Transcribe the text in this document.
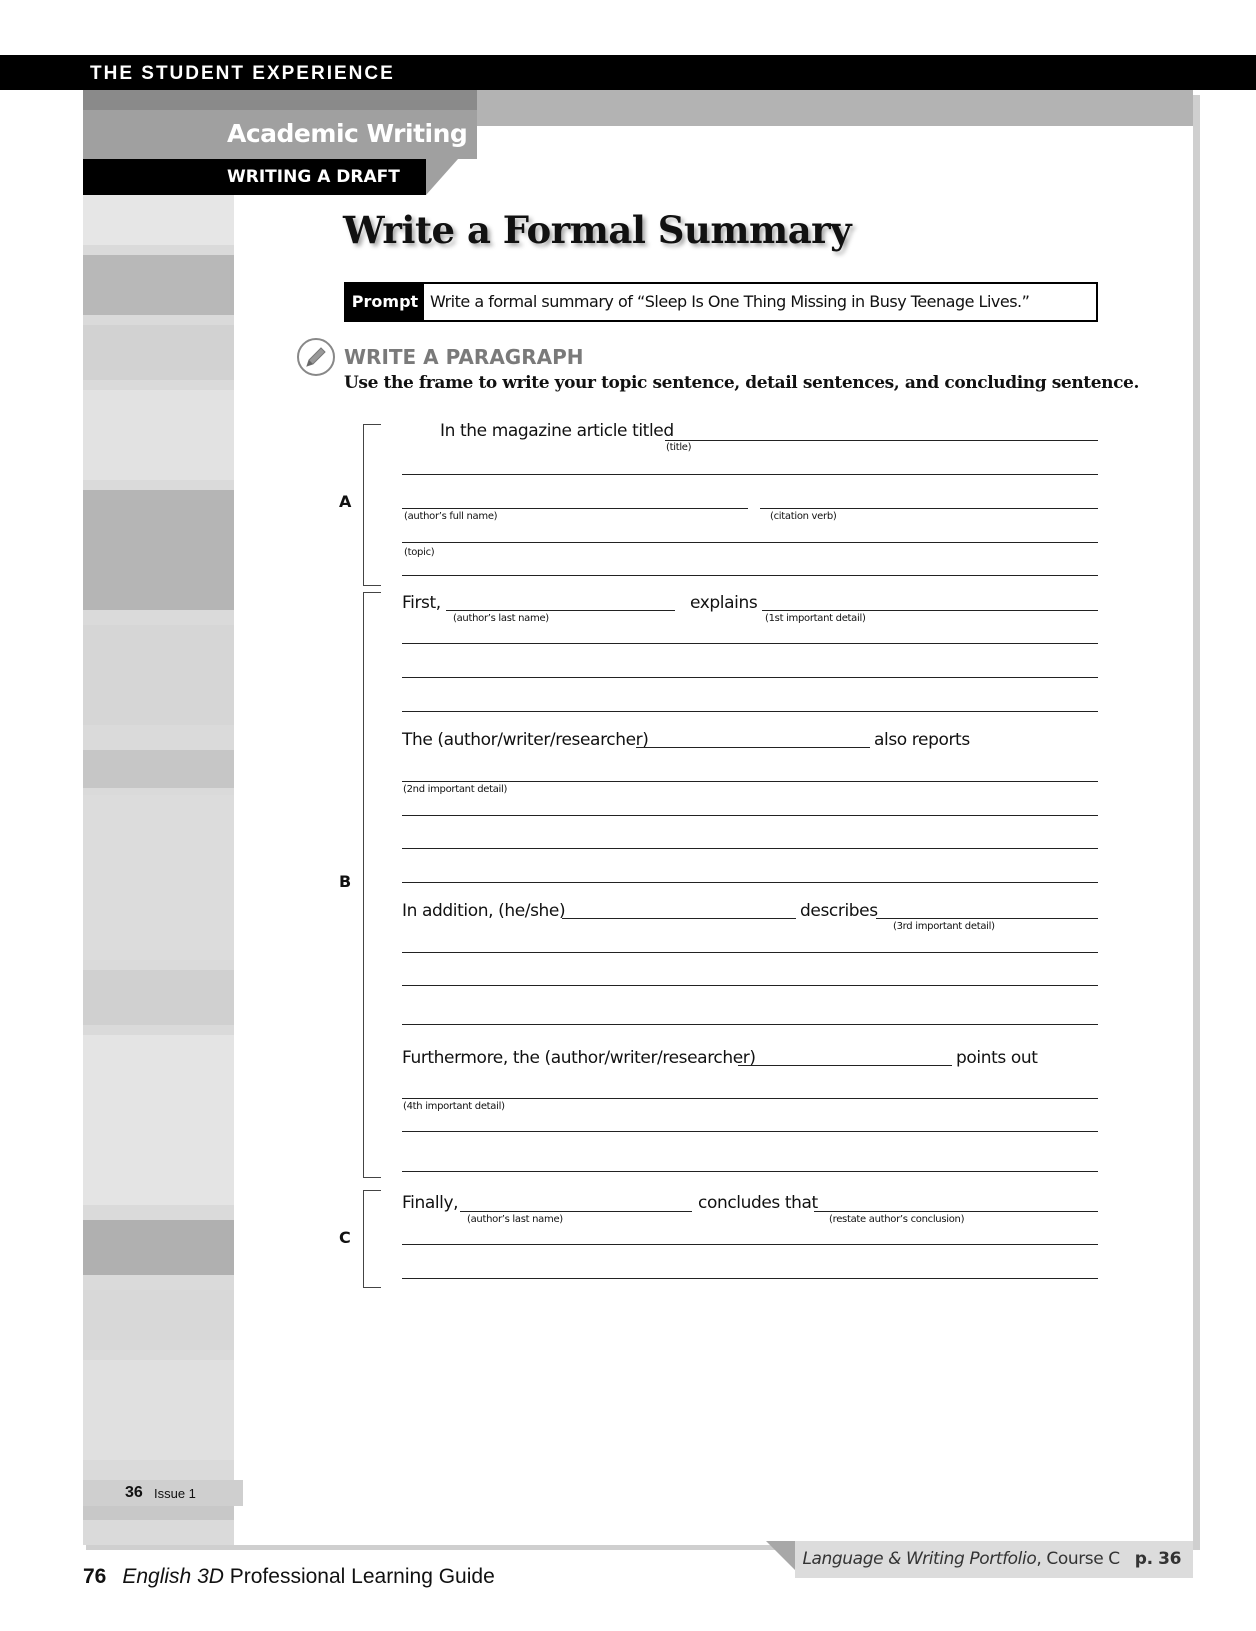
THE STUDENT EXPERIENCE
Academic Writing
WRITING A DRAFT
Write a Formal Summary
Prompt Write a formal summary of “Sleep Is One Thing Missing in Busy Teenage Lives.”
WRITE A PARAGRAPH
Use the frame to write your topic sentence, detail sentences, and concluding sentence.
A
B
C
In the magazine article titled
(title)
(author’s full name)	(citation verb)
(topic)
First,
(author’s last name)
explains
(1st important detail)
The (author/writer/researcher)	also reports
(2nd important detail)
In addition, (he/she)	describes
(3rd important detail)
Furthermore, the (author/writer/researcher)	points out
(4th important detail)
Finally,
(author’s last name)
concludes that
(restate author’s conclusion)
36 Issue 1
Language & Writing Portfolio, Course C p. 36
76 English 3D Professional Learning Guide
